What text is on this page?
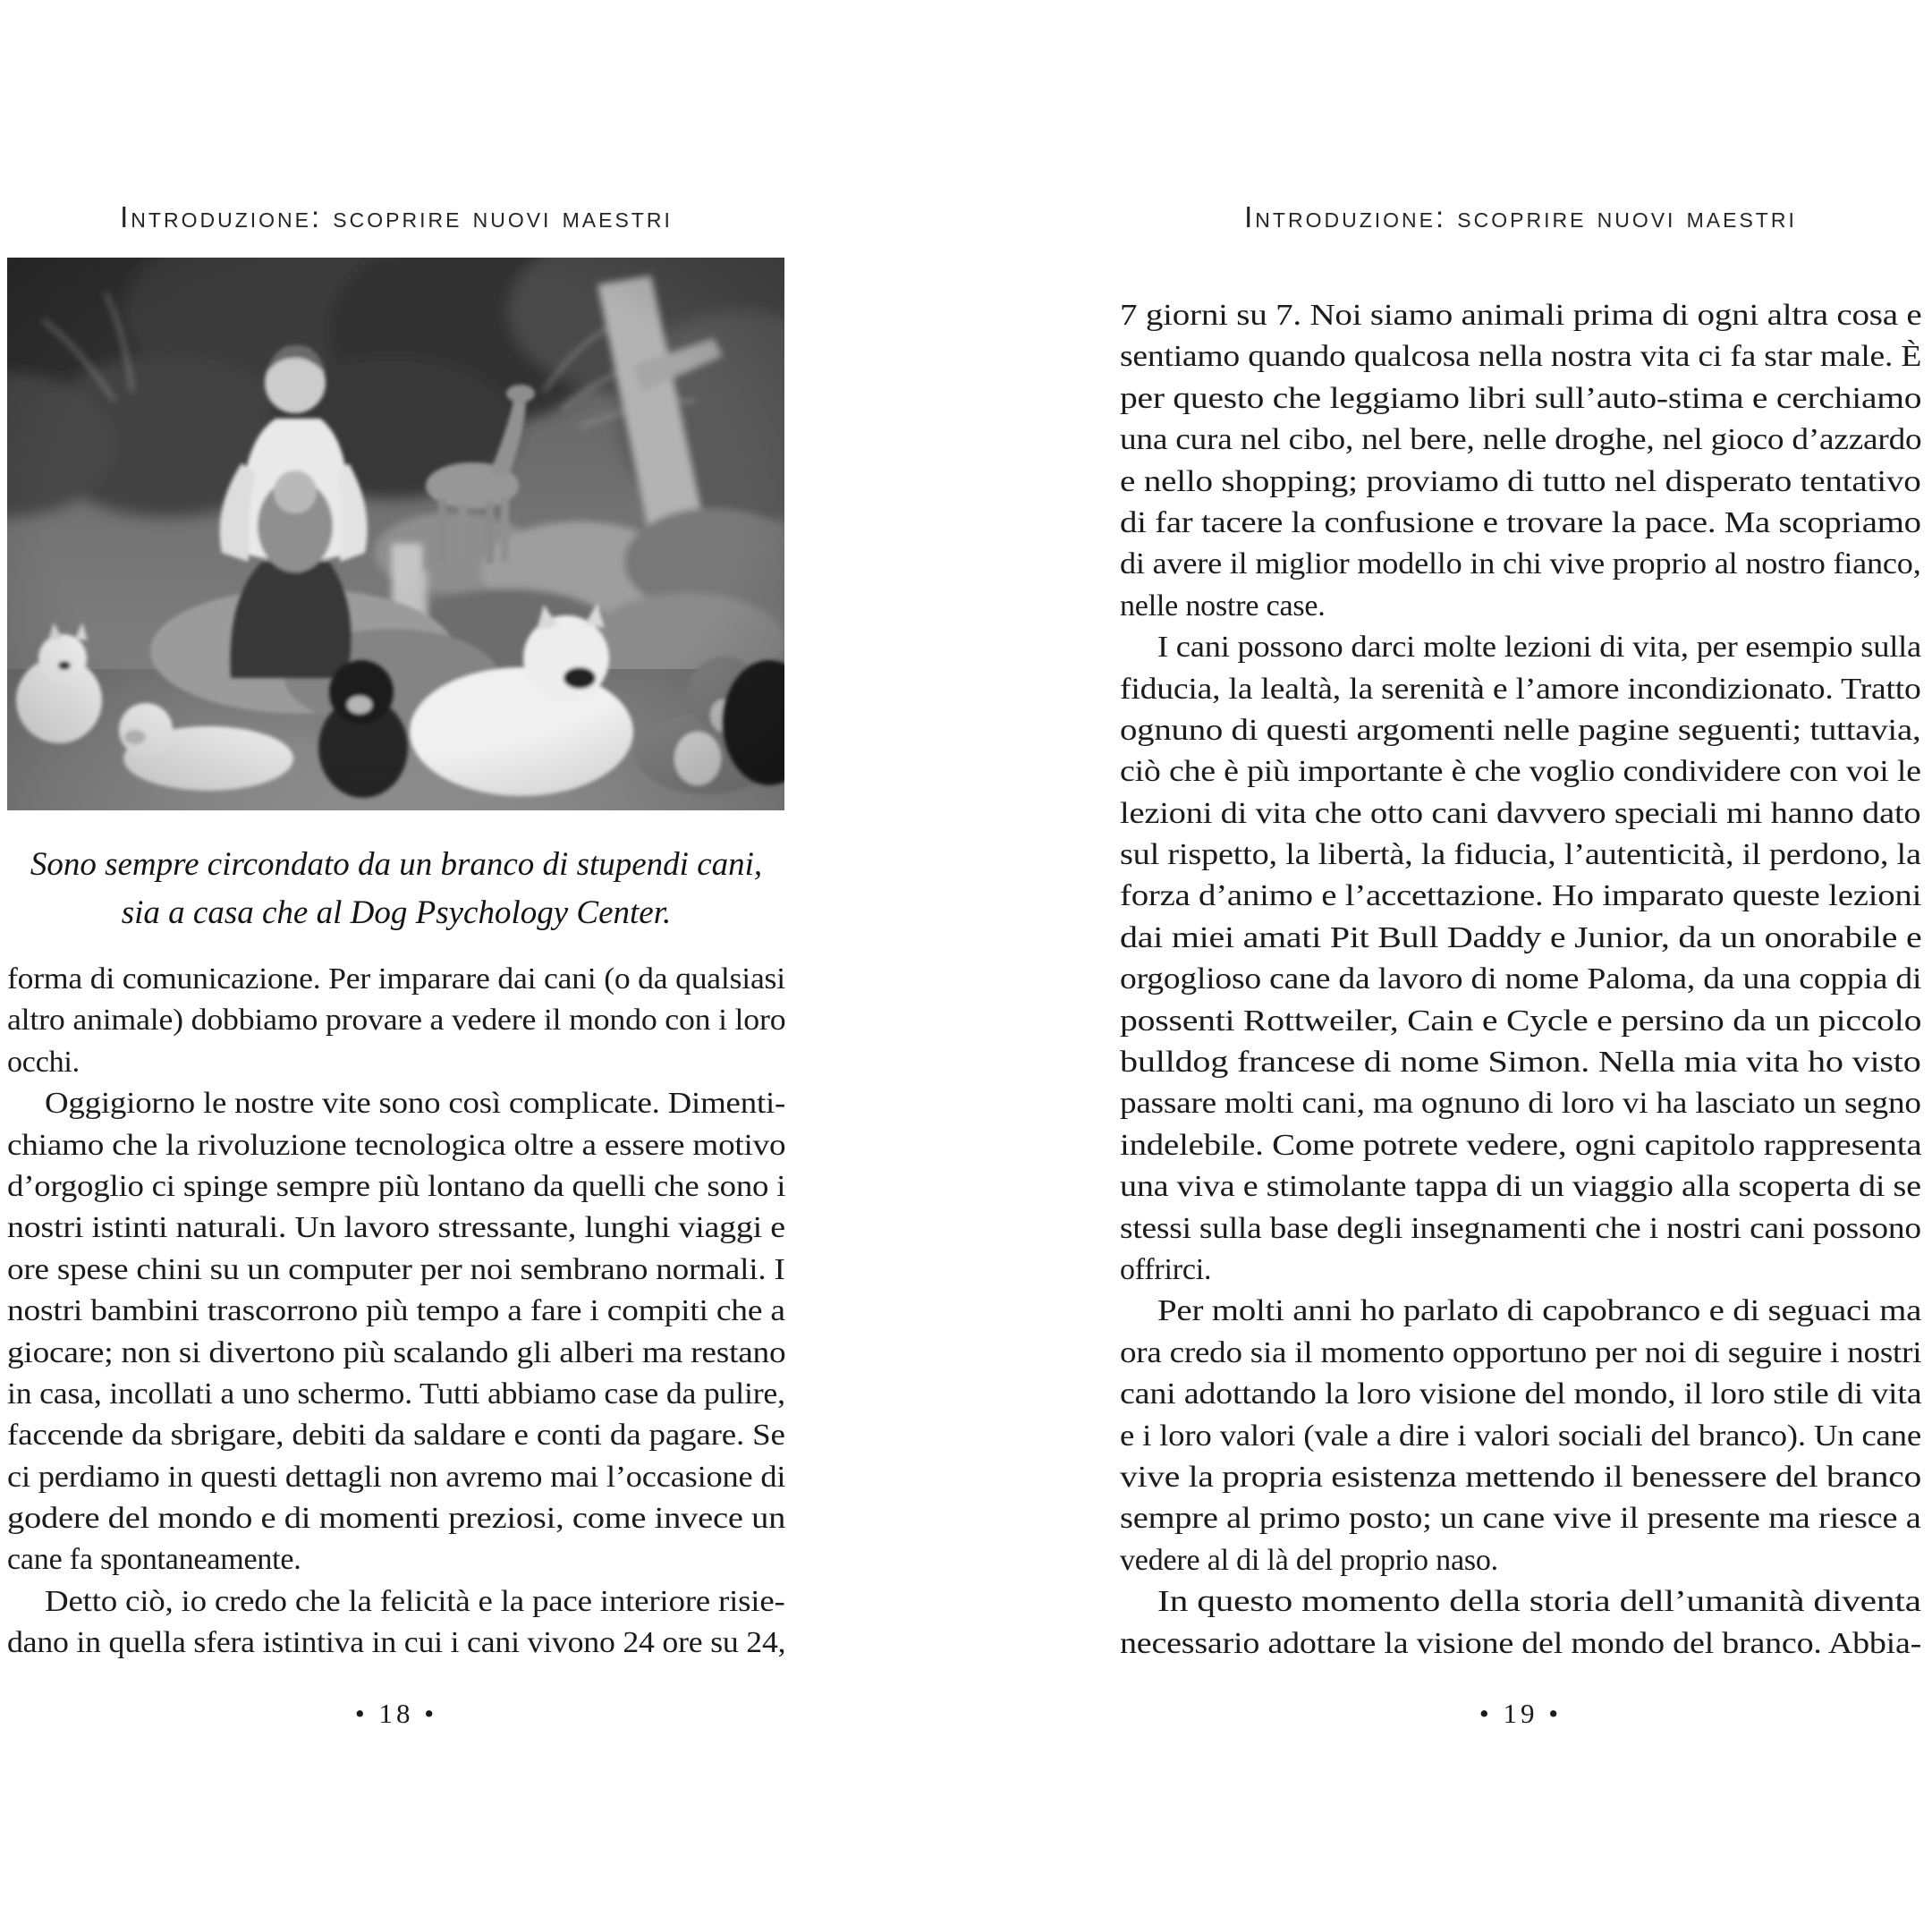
Introduzione: scoprire nuovi maestri	Introduzione: scoprire nuovi maestri
Sono sempre circondato da un branco di stupendi cani,
sia a casa che al Dog Psychology Center.
forma di comunicazione. Per imparare dai cani (o da qualsiasi
altro animale) dobbiamo provare a vedere il mondo con i loro
occhi.
Oggigiorno le nostre vite sono così complicate. Dimenti-
chiamo che la rivoluzione tecnologica oltre a essere motivo
d’orgoglio ci spinge sempre più lontano da quelli che sono i
nostri istinti naturali. Un lavoro stressante, lunghi viaggi e
ore spese chini su un computer per noi sembrano normali. I
nostri bambini trascorrono più tempo a fare i compiti che a
giocare; non si divertono più scalando gli alberi ma restano
in casa, incollati a uno schermo. Tutti abbiamo case da pulire,
faccende da sbrigare, debiti da saldare e conti da pagare. Se
ci perdiamo in questi dettagli non avremo mai l’occasione di
godere del mondo e di momenti preziosi, come invece un
cane fa spontaneamente.
Detto ciò, io credo che la felicità e la pace interiore risie-
dano in quella sfera istintiva in cui i cani vivono 24 ore su 24,
7 giorni su 7. Noi siamo animali prima di ogni altra cosa e
sentiamo quando qualcosa nella nostra vita ci fa star male. È
per questo che leggiamo libri sull’auto-stima e cerchiamo
una cura nel cibo, nel bere, nelle droghe, nel gioco d’azzardo
e nello shopping; proviamo di tutto nel disperato tentativo
di far tacere la confusione e trovare la pace. Ma scopriamo
di avere il miglior modello in chi vive proprio al nostro fianco,
nelle nostre case.
I cani possono darci molte lezioni di vita, per esempio sulla
fiducia, la lealtà, la serenità e l’amore incondizionato. Tratto
ognuno di questi argomenti nelle pagine seguenti; tuttavia,
ciò che è più importante è che voglio condividere con voi le
lezioni di vita che otto cani davvero speciali mi hanno dato
sul rispetto, la libertà, la fiducia, l’autenticità, il perdono, la
forza d’animo e l’accettazione. Ho imparato queste lezioni
dai miei amati Pit Bull Daddy e Junior, da un onorabile e
orgoglioso cane da lavoro di nome Paloma, da una coppia di
possenti Rottweiler, Cain e Cycle e persino da un piccolo
bulldog francese di nome Simon. Nella mia vita ho visto
passare molti cani, ma ognuno di loro vi ha lasciato un segno
indelebile. Come potrete vedere, ogni capitolo rappresenta
una viva e stimolante tappa di un viaggio alla scoperta di se
stessi sulla base degli insegnamenti che i nostri cani possono
offrirci.
Per molti anni ho parlato di capobranco e di seguaci ma
ora credo sia il momento opportuno per noi di seguire i nostri
cani adottando la loro visione del mondo, il loro stile di vita
e i loro valori (vale a dire i valori sociali del branco). Un cane
vive la propria esistenza mettendo il benessere del branco
sempre al primo posto; un cane vive il presente ma riesce a
vedere al di là del proprio naso.
In questo momento della storia dell’umanità diventa
necessario adottare la visione del mondo del branco. Abbia-
• 18 •	• 19 •
